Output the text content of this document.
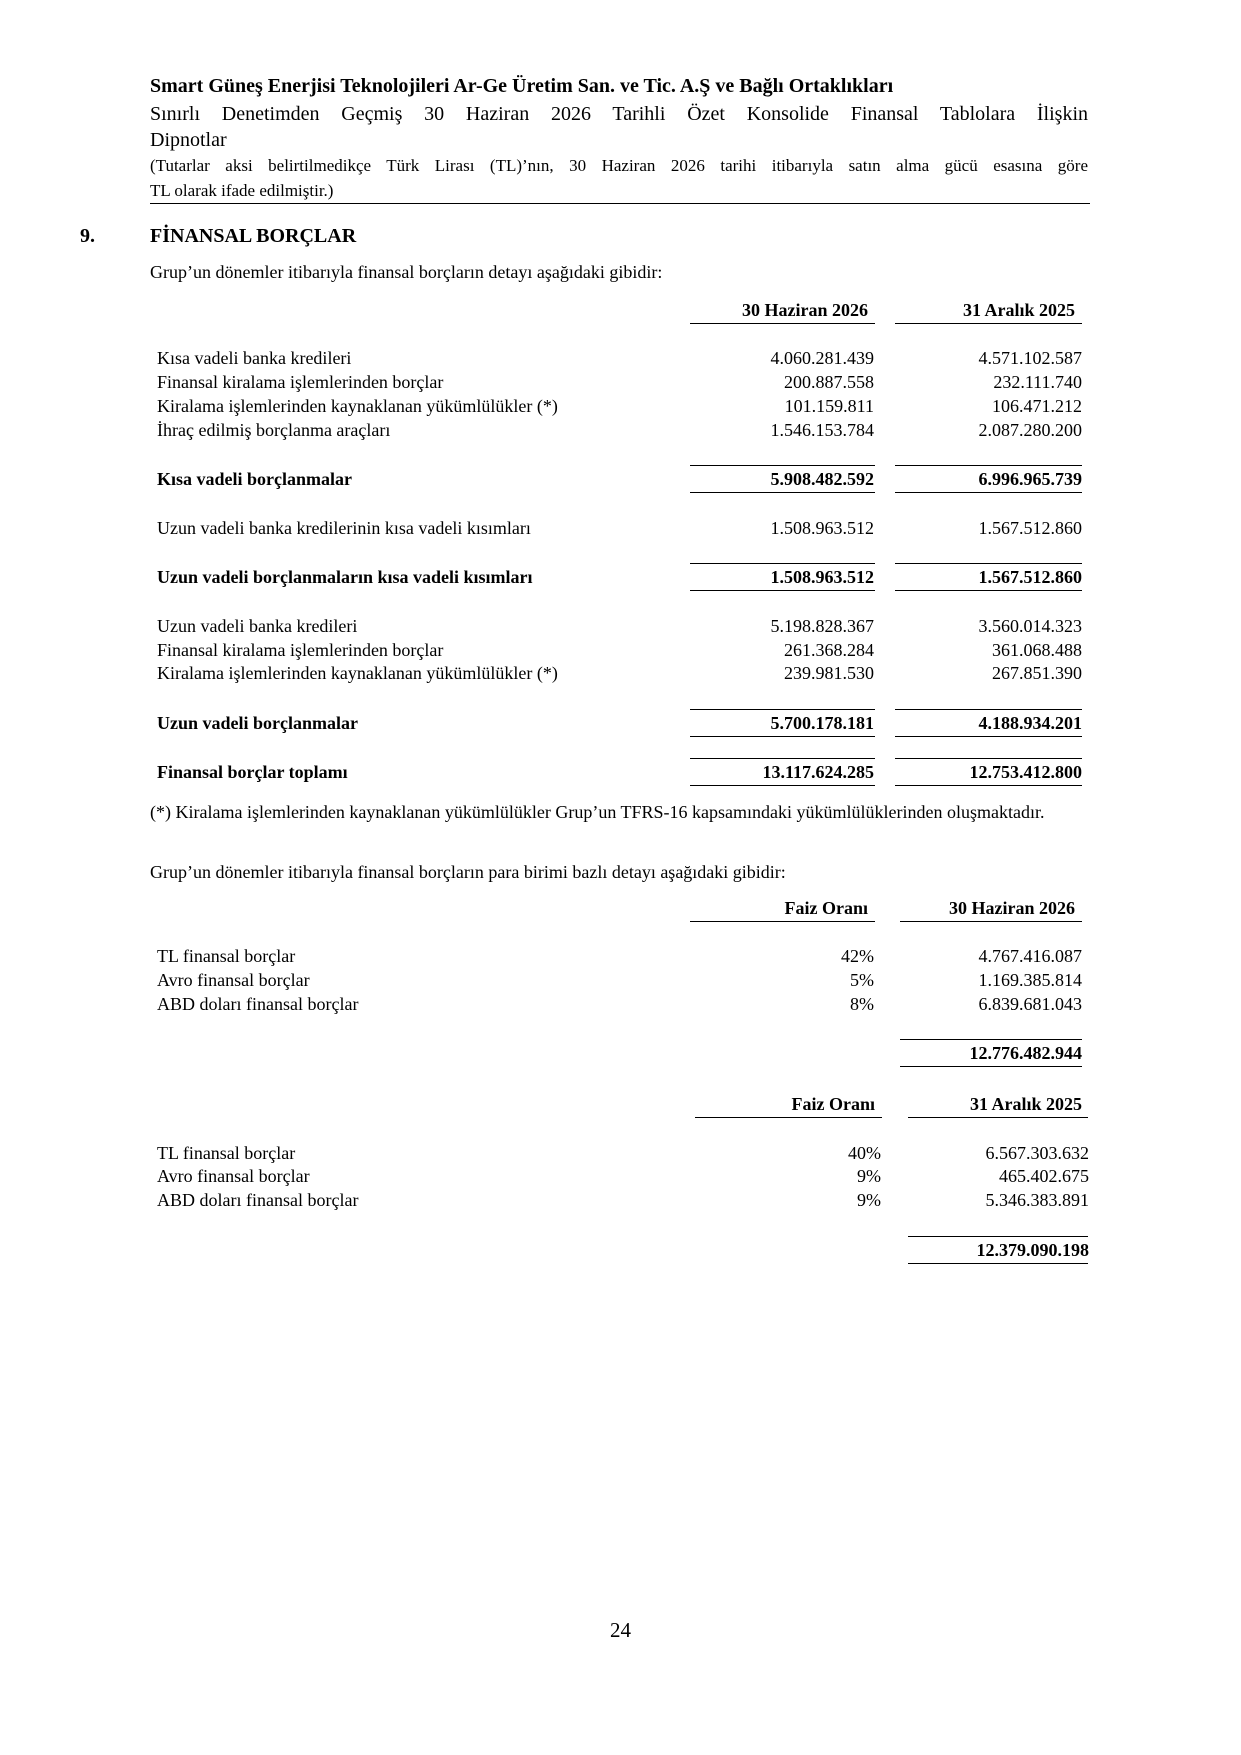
Smart Güneş Enerjisi Teknolojileri Ar-Ge Üretim San. ve Tic. A.Ş ve Bağlı Ortaklıkları
Sınırlı Denetimden Geçmiş 30 Haziran 2026 Tarihli Özet Konsolide Finansal Tablolara İlişkin
Dipnotlar
(Tutarlar aksi belirtilmedikçe Türk Lirası (TL)’nın, 30 Haziran 2026 tarihi itibarıyla satın alma gücü esasına göre
TL olarak ifade edilmiştir.)
9.	FİNANSAL BORÇLAR
Grup’un dönemler itibarıyla finansal borçların detayı aşağıdaki gibidir:
30 Haziran 2026	31 Aralık 2025
Kısa vadeli banka kredileri	4.060.281.439	4.571.102.587
Finansal kiralama işlemlerinden borçlar	200.887.558	232.111.740
Kiralama işlemlerinden kaynaklanan yükümlülükler (*)	101.159.811	106.471.212
İhraç edilmiş borçlanma araçları	1.546.153.784	2.087.280.200
Kısa vadeli borçlanmalar	5.908.482.592	6.996.965.739
Uzun vadeli banka kredilerinin kısa vadeli kısımları	1.508.963.512	1.567.512.860
Uzun vadeli borçlanmaların kısa vadeli kısımları	1.508.963.512	1.567.512.860
Uzun vadeli banka kredileri	5.198.828.367	3.560.014.323
Finansal kiralama işlemlerinden borçlar	261.368.284	361.068.488
Kiralama işlemlerinden kaynaklanan yükümlülükler (*)	239.981.530	267.851.390
Uzun vadeli borçlanmalar	5.700.178.181	4.188.934.201
Finansal borçlar toplamı	13.117.624.285	12.753.412.800
(*) Kiralama işlemlerinden kaynaklanan yükümlülükler Grup’un TFRS-16 kapsamındaki yükümlülüklerinden oluşmaktadır.
Grup’un dönemler itibarıyla finansal borçların para birimi bazlı detayı aşağıdaki gibidir:
Faiz Oranı	30 Haziran 2026
TL finansal borçlar	42%	4.767.416.087
Avro finansal borçlar	5%	1.169.385.814
ABD doları finansal borçlar	8%	6.839.681.043
12.776.482.944
Faiz Oranı	31 Aralık 2025
TL finansal borçlar	40%	6.567.303.632
Avro finansal borçlar	9%	465.402.675
ABD doları finansal borçlar	9%	5.346.383.891
12.379.090.198
24
